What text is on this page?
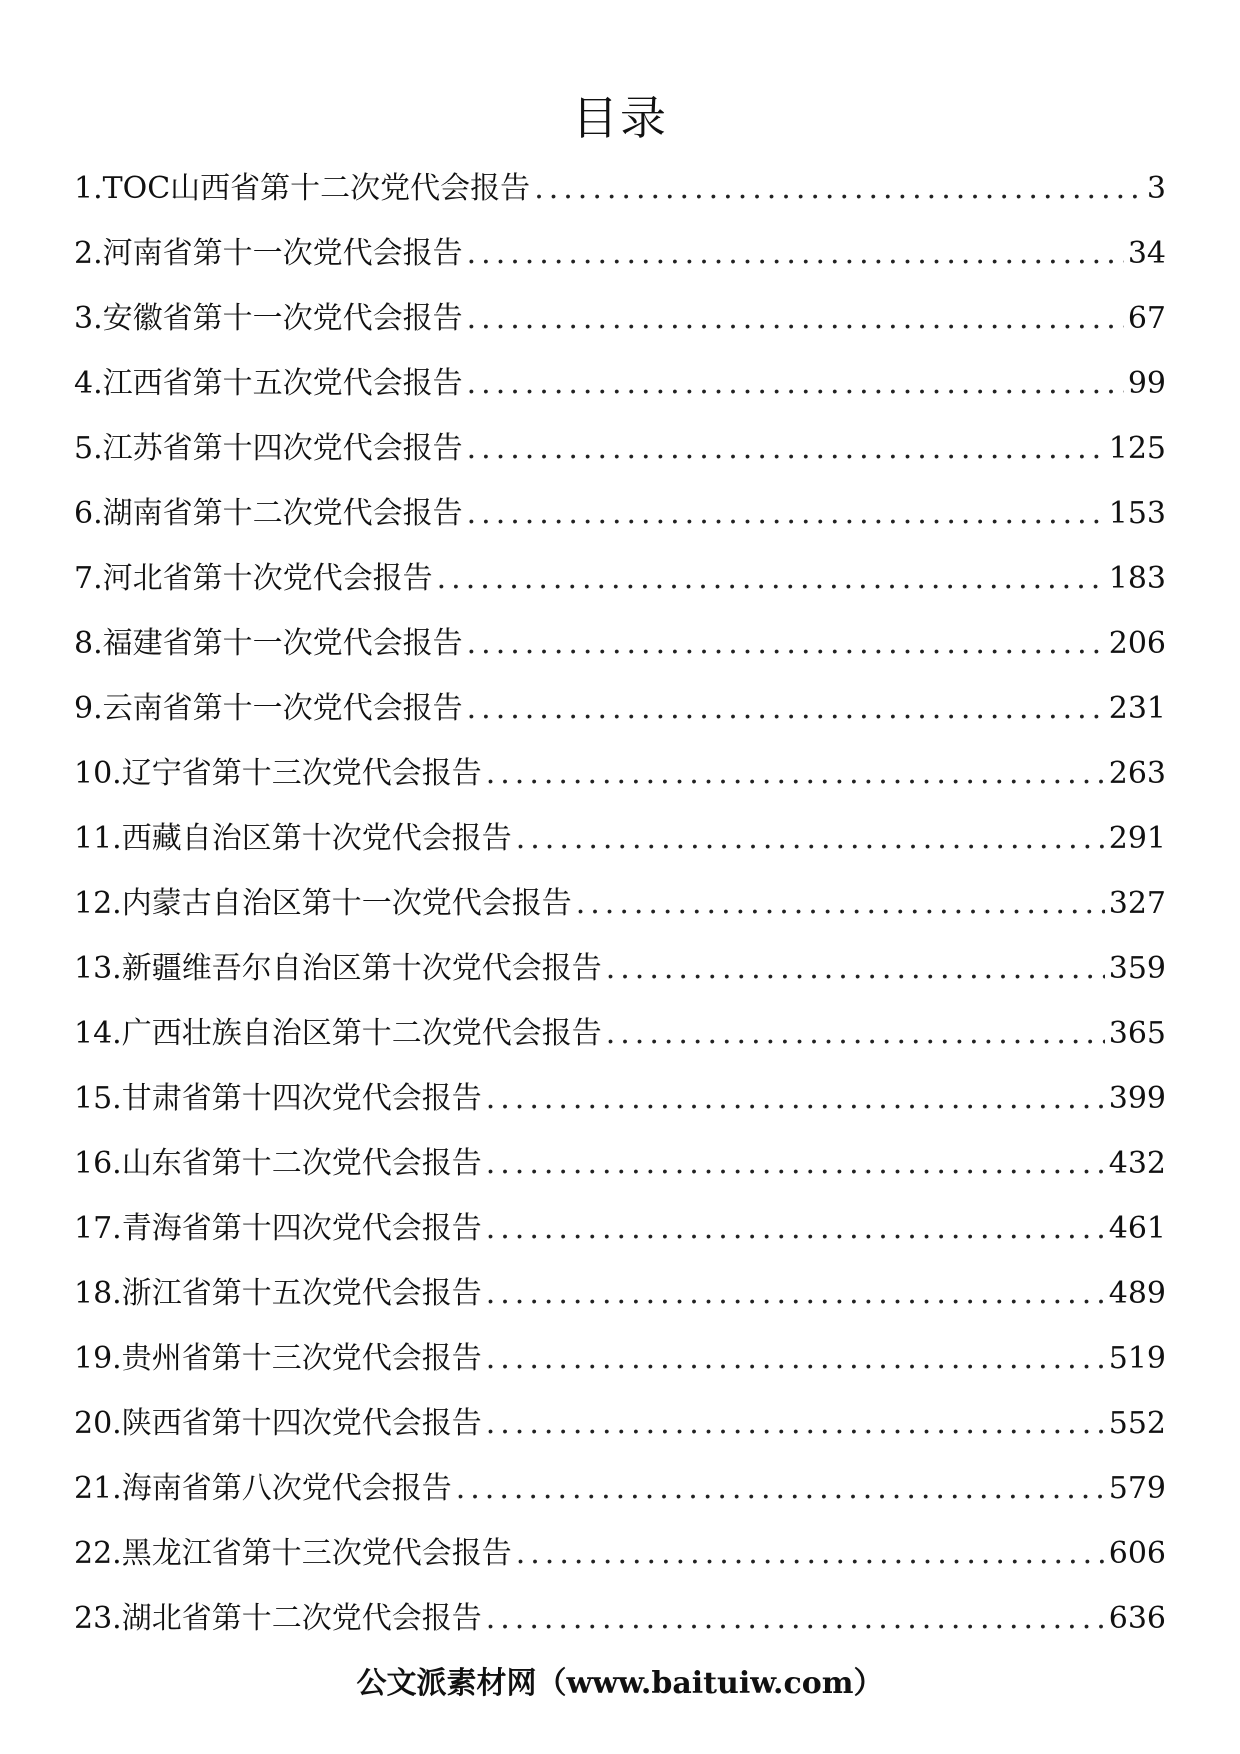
目录
1. TOC山西省第十二次党代会报告 .....	3
2. 河南省第十一次党代会报告 .....	34
3. 安徽省第十一次党代会报告 .....	67
4. 江西省第十五次党代会报告 .....	99
5. 江苏省第十四次党代会报告 .....	125
6. 湖南省第十二次党代会报告 .....	153
7. 河北省第十次党代会报告 .....	183
8. 福建省第十一次党代会报告 .....	206
9. 云南省第十一次党代会报告 .....	231
10. 辽宁省第十三次党代会报告 .....	263
11. 西藏自治区第十次党代会报告 .....	291
12. 内蒙古自治区第十一次党代会报告 .....	327
13. 新疆维吾尔自治区第十次党代会报告 .....	359
14. 广西壮族自治区第十二次党代会报告 .....	365
15. 甘肃省第十四次党代会报告 .....	399
16. 山东省第十二次党代会报告 .....	432
17. 青海省第十四次党代会报告 .....	461
18. 浙江省第十五次党代会报告 .....	489
19. 贵州省第十三次党代会报告 .....	519
20. 陕西省第十四次党代会报告 .....	552
21. 海南省第八次党代会报告 .....	579
22. 黑龙江省第十三次党代会报告 .....	606
23. 湖北省第十二次党代会报告 .....	636
公文派素材网（www.baituiw.com）
